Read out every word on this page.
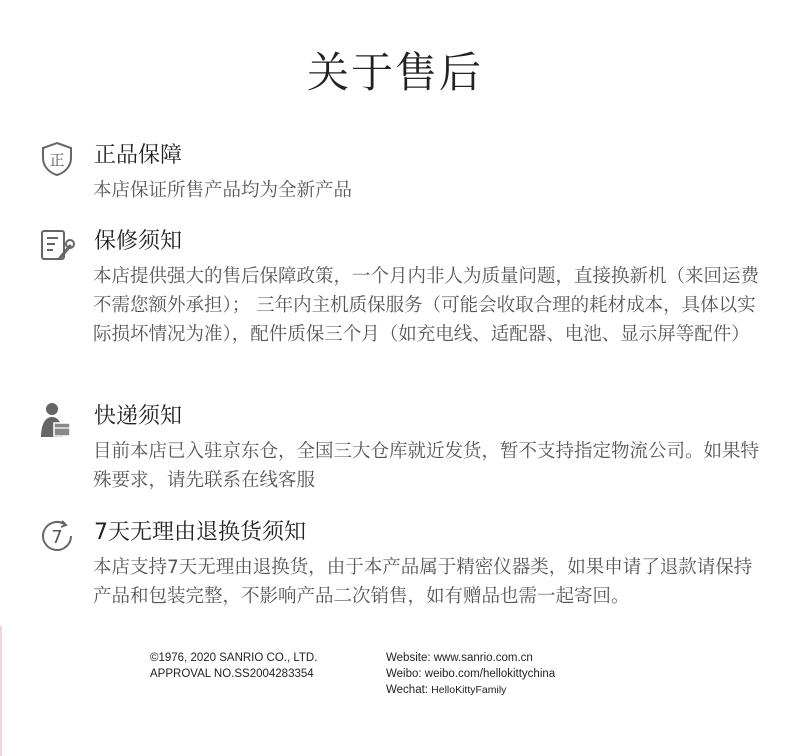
关于售后
正 正品保障
本店保证所售产品均为全新产品
保修须知
本店提供强大的售后保障政策，一个月内非人为质量问题，直接换新机（来回运费不需您额外承担）； 三年内主机质保服务（可能会收取合理的耗材成本，具体以实际损坏情况为准），配件质保三个月（如充电线、适配器、电池、显示屏等配件）
快递须知
目前本店已入驻京东仓，全国三大仓库就近发货，暂不支持指定物流公司。如果特殊要求，请先联系在线客服
7 7天无理由退换货须知
本店支持7天无理由退换货，由于本产品属于精密仪器类，如果申请了退款请保持产品和包装完整，不影响产品二次销售，如有赠品也需一起寄回。
©1976, 2020 SANRIO CO., LTD.
APPROVAL NO.SS2004283354
Website: www.sanrio.com.cn
Weibo: weibo.com/hellokittychina
Wechat: HelloKittyFamily
